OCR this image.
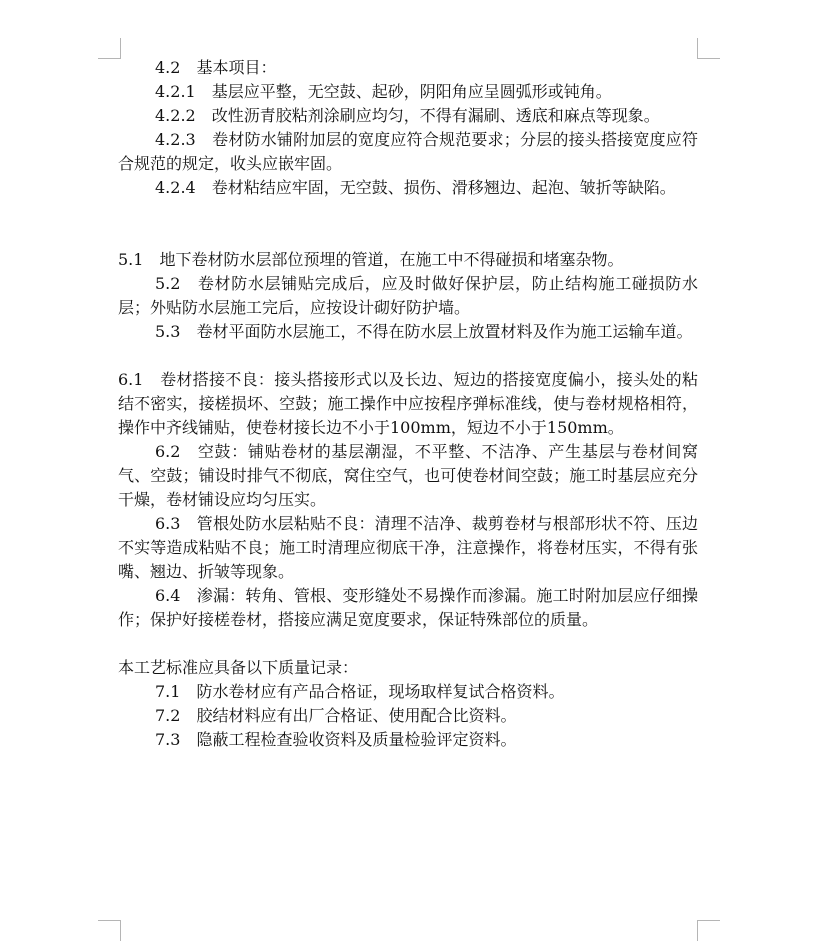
4.2　基本项目：

4.2.1　基层应平整，无空鼓、起砂，阴阳角应呈圆弧形或钝角。

4.2.2　改性沥青胶粘剂涂刷应均匀，不得有漏刷、透底和麻点等现象。

4.2.3　卷材防水铺附加层的宽度应符合规范要求；分层的接头搭接宽度应符合规范的规定，收头应嵌牢固。

4.2.4　卷材粘结应牢固，无空鼓、损伤、滑移翘边、起泡、皱折等缺陷。

5.1　地下卷材防水层部位预埋的管道，在施工中不得碰损和堵塞杂物。

5.2　卷材防水层铺贴完成后，应及时做好保护层，防止结构施工碰损防水层；外贴防水层施工完后，应按设计砌好防护墙。

5.3　卷材平面防水层施工，不得在防水层上放置材料及作为施工运输车道。

6.1　卷材搭接不良：接头搭接形式以及长边、短边的搭接宽度偏小，接头处的粘结不密实，接槎损坏、空鼓；施工操作中应按程序弹标准线，使与卷材规格相符，操作中齐线铺贴，使卷材接长边不小于100mm，短边不小于150mm。

6.2　空鼓：铺贴卷材的基层潮湿，不平整、不洁净、产生基层与卷材间窝气、空鼓；铺设时排气不彻底，窝住空气，也可使卷材间空鼓；施工时基层应充分干燥，卷材铺设应均匀压实。

6.3　管根处防水层粘贴不良：清理不洁净、裁剪卷材与根部形状不符、压边不实等造成粘贴不良；施工时清理应彻底干净，注意操作，将卷材压实，不得有张嘴、翘边、折皱等现象。

6.4　渗漏：转角、管根、变形缝处不易操作而渗漏。施工时附加层应仔细操作；保护好接槎卷材，搭接应满足宽度要求，保证特殊部位的质量。

本工艺标准应具备以下质量记录：

7.1　防水卷材应有产品合格证，现场取样复试合格资料。

7.2　胶结材料应有出厂合格证、使用配合比资料。

7.3　隐蔽工程检查验收资料及质量检验评定资料。
